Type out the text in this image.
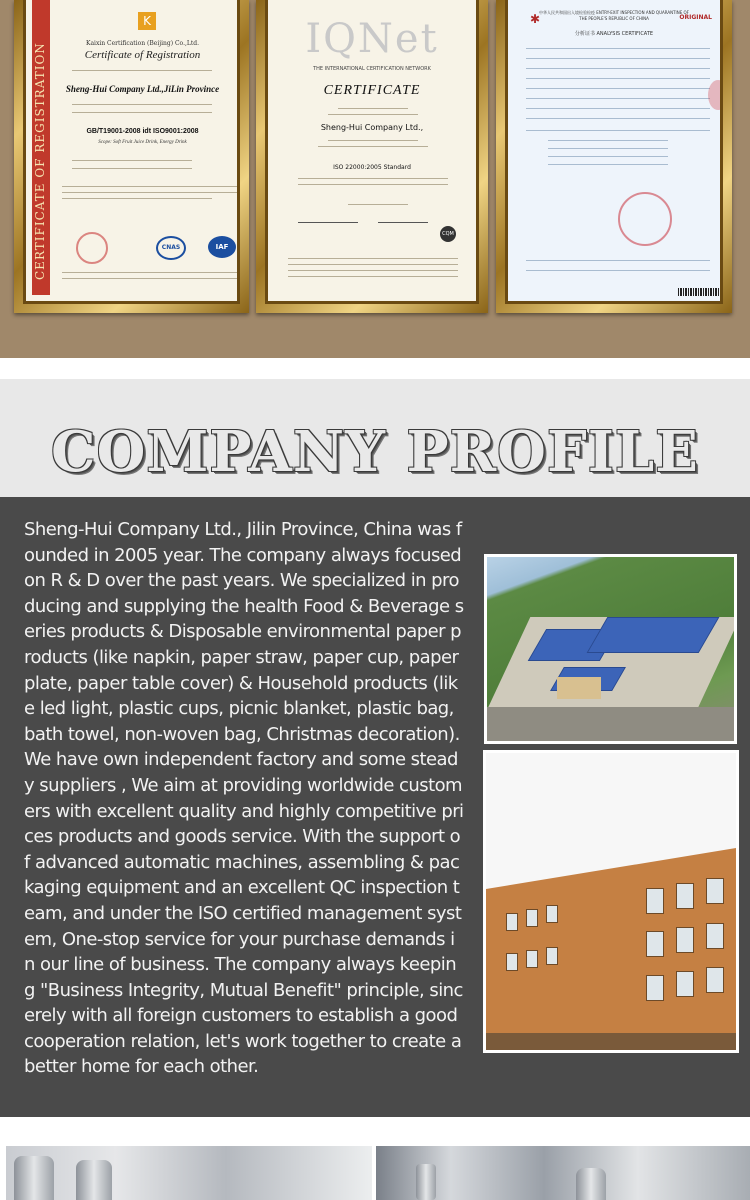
CERTIFICATE OF REGISTRATION
K
Kaixin Certification (Beijing) Co.,Ltd.
Certificate of Registration
Sheng-Hui Company Ltd.,JiLin Province
GB/T19001-2008 idt ISO9001:2008
Scope: Soft Fruit Juice Drink, Energy Drink
CNAS	IAF
IQNet
THE INTERNATIONAL CERTIFICATION NETWORK
CERTIFICATE
Sheng-Hui Company Ltd.,
ISO 22000:2005 Standard
CQM
✱
中华人民共和国出入境检验检疫 ENTRY-EXIT INSPECTION AND QUARANTINE OF THE PEOPLE'S REPUBLIC OF CHINA	ORIGINAL
分析证书 ANALYSIS CERTIFICATE
COMPANY PROFILE

Sheng-Hui Company Ltd., Jilin Province, China was founded in 2005 year. The company always focused on R & D over the past years. We specialized in producing and supplying the health Food & Beverage series products & Disposable environmental paper products (like napkin, paper straw, paper cup, paper plate, paper table cover) & Household products (like led light, plastic cups, picnic blanket, plastic bag, bath towel, non-woven bag, Christmas decoration). We have own independent factory and some steady suppliers , We aim at providing worldwide customers with excellent quality and highly competitive prices products and goods service. With the support of advanced automatic machines, assembling & packaging equipment and an excellent QC inspection team, and under the ISO certified management system, One-stop service for your purchase demands in our line of business. The company always keeping "Business Integrity, Mutual Benefit" principle, sincerely with all foreign customers to establish a good cooperation relation, let's work together to create a better home for each other.
